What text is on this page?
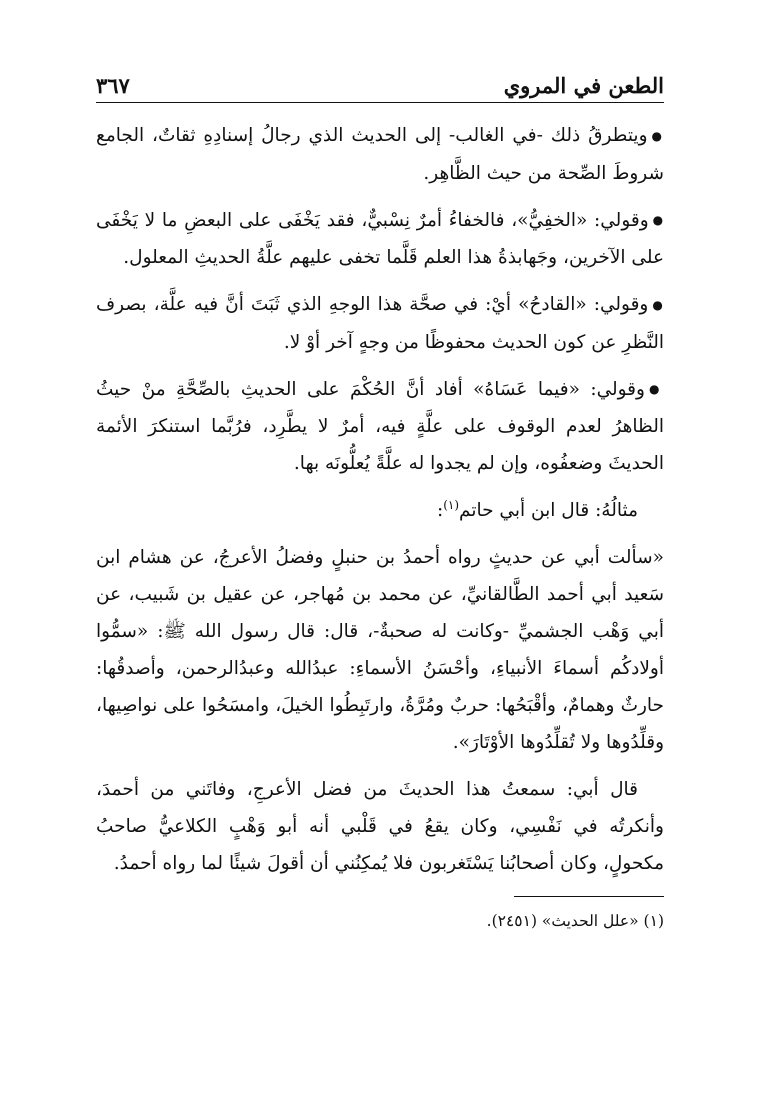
الطعن في المروي
٣٦٧

●ويتطرقُ ذلك -في الغالب- إلى الحديث الذي رجالُ إسنادِهِ ثقاتٌ، الجامع شروطَ الصِّحة من حيث الظَّاهِر.

●وقولي: «الخفِيُّ»، فالخفاءُ أمرٌ نِسْبيٌّ، فقد يَخْفَى على البعضِ ما لا يَخْفَى على الآخرين، وجَهابذةُ هذا العلم قَلَّما تخفى عليهم علَّةُ الحديثِ المعلول.

●وقولي: «القادحُ» أيْ: في صحَّة هذا الوجهِ الذي ثَبَتَ أنَّ فيه علَّة، بصرف النَّظرِ عن كون الحديث محفوظًا من وجهٍ آخر أوْ لا.

●وقولي: «فيما عَسَاهُ» أفاد أنَّ الحُكْمَ على الحديثِ بالصِّحَّةِ منْ حيثُ الظاهرُ لعدم الوقوف على علَّةٍ فيه، أمرٌ لا يطَّرِد، فرُبَّما استنكرَ الأئمة الحديثَ وضعفُوه، وإن لم يجدوا له علَّةً يُعلُّونَه بها.

مثالُهُ: قال ابن أبي حاتم$^{(١)}$:

«سألت أبي عن حديثٍ رواه أحمدُ بن حنبلٍ وفضلُ الأعرجُ، عن هشام ابن سَعيد أبي أحمد الطَّالقانيِّ، عن محمد بن مُهاجر، عن عقيل بن شَبيب، عن أبي وَهْب الجشميِّ -وكانت له صحبةٌ-، قال: قال رسول الله ﷺ: «سمُّوا أولادكُم أسماءَ الأنبياءِ، وأحْسَنُ الأسماءِ: عبدُالله وعبدُالرحمن، وأصدقُها: حارثٌ وهمامٌ، وأقْبَحُها: حربٌ ومُرَّةُ، وارتَبِطُوا الخيلَ، وامسَحُوا على نواصِيها، وقلِّدُوها ولا تُقلِّدُوها الأوْتَارَ».

قال أبي: سمعتُ هذا الحديثَ من فضل الأعرجِ، وفاتَني من أحمدَ، وأنكرتُه في نَفْسِي، وكان يقعُ في قَلْبي أنه أبو وَهْبٍ الكلاعيُّ صاحبُ مكحولٍ، وكان أصحابُنا يَسْتَغربون فلا يُمكِنُني أن أقولَ شيئًا لما رواه أحمدُ.

(١) «علل الحديث» (٢٤٥١).
